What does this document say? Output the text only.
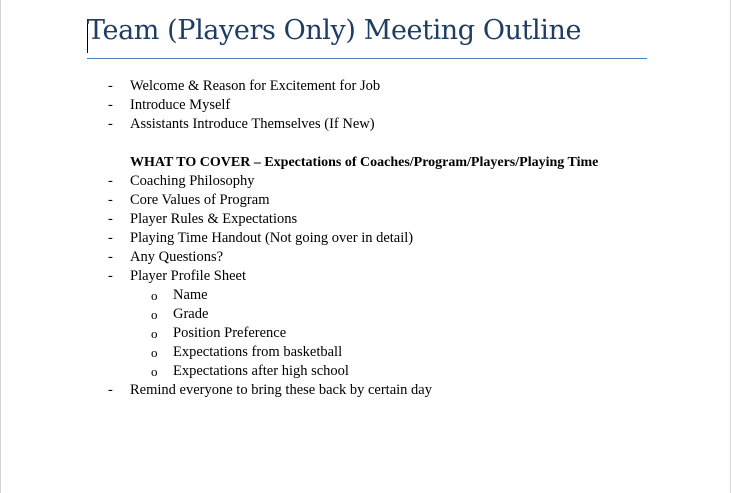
Team (Players Only) Meeting Outline
- Welcome & Reason for Excitement for Job
- Introduce Myself
- Assistants Introduce Themselves (If New)
WHAT TO COVER – Expectations of Coaches/Program/Players/Playing Time
- Coaching Philosophy
- Core Values of Program
- Player Rules & Expectations
- Playing Time Handout (Not going over in detail)
- Any Questions?
- Player Profile Sheet
o Name
o Grade
o Position Preference
o Expectations from basketball
o Expectations after high school
- Remind everyone to bring these back by certain day
